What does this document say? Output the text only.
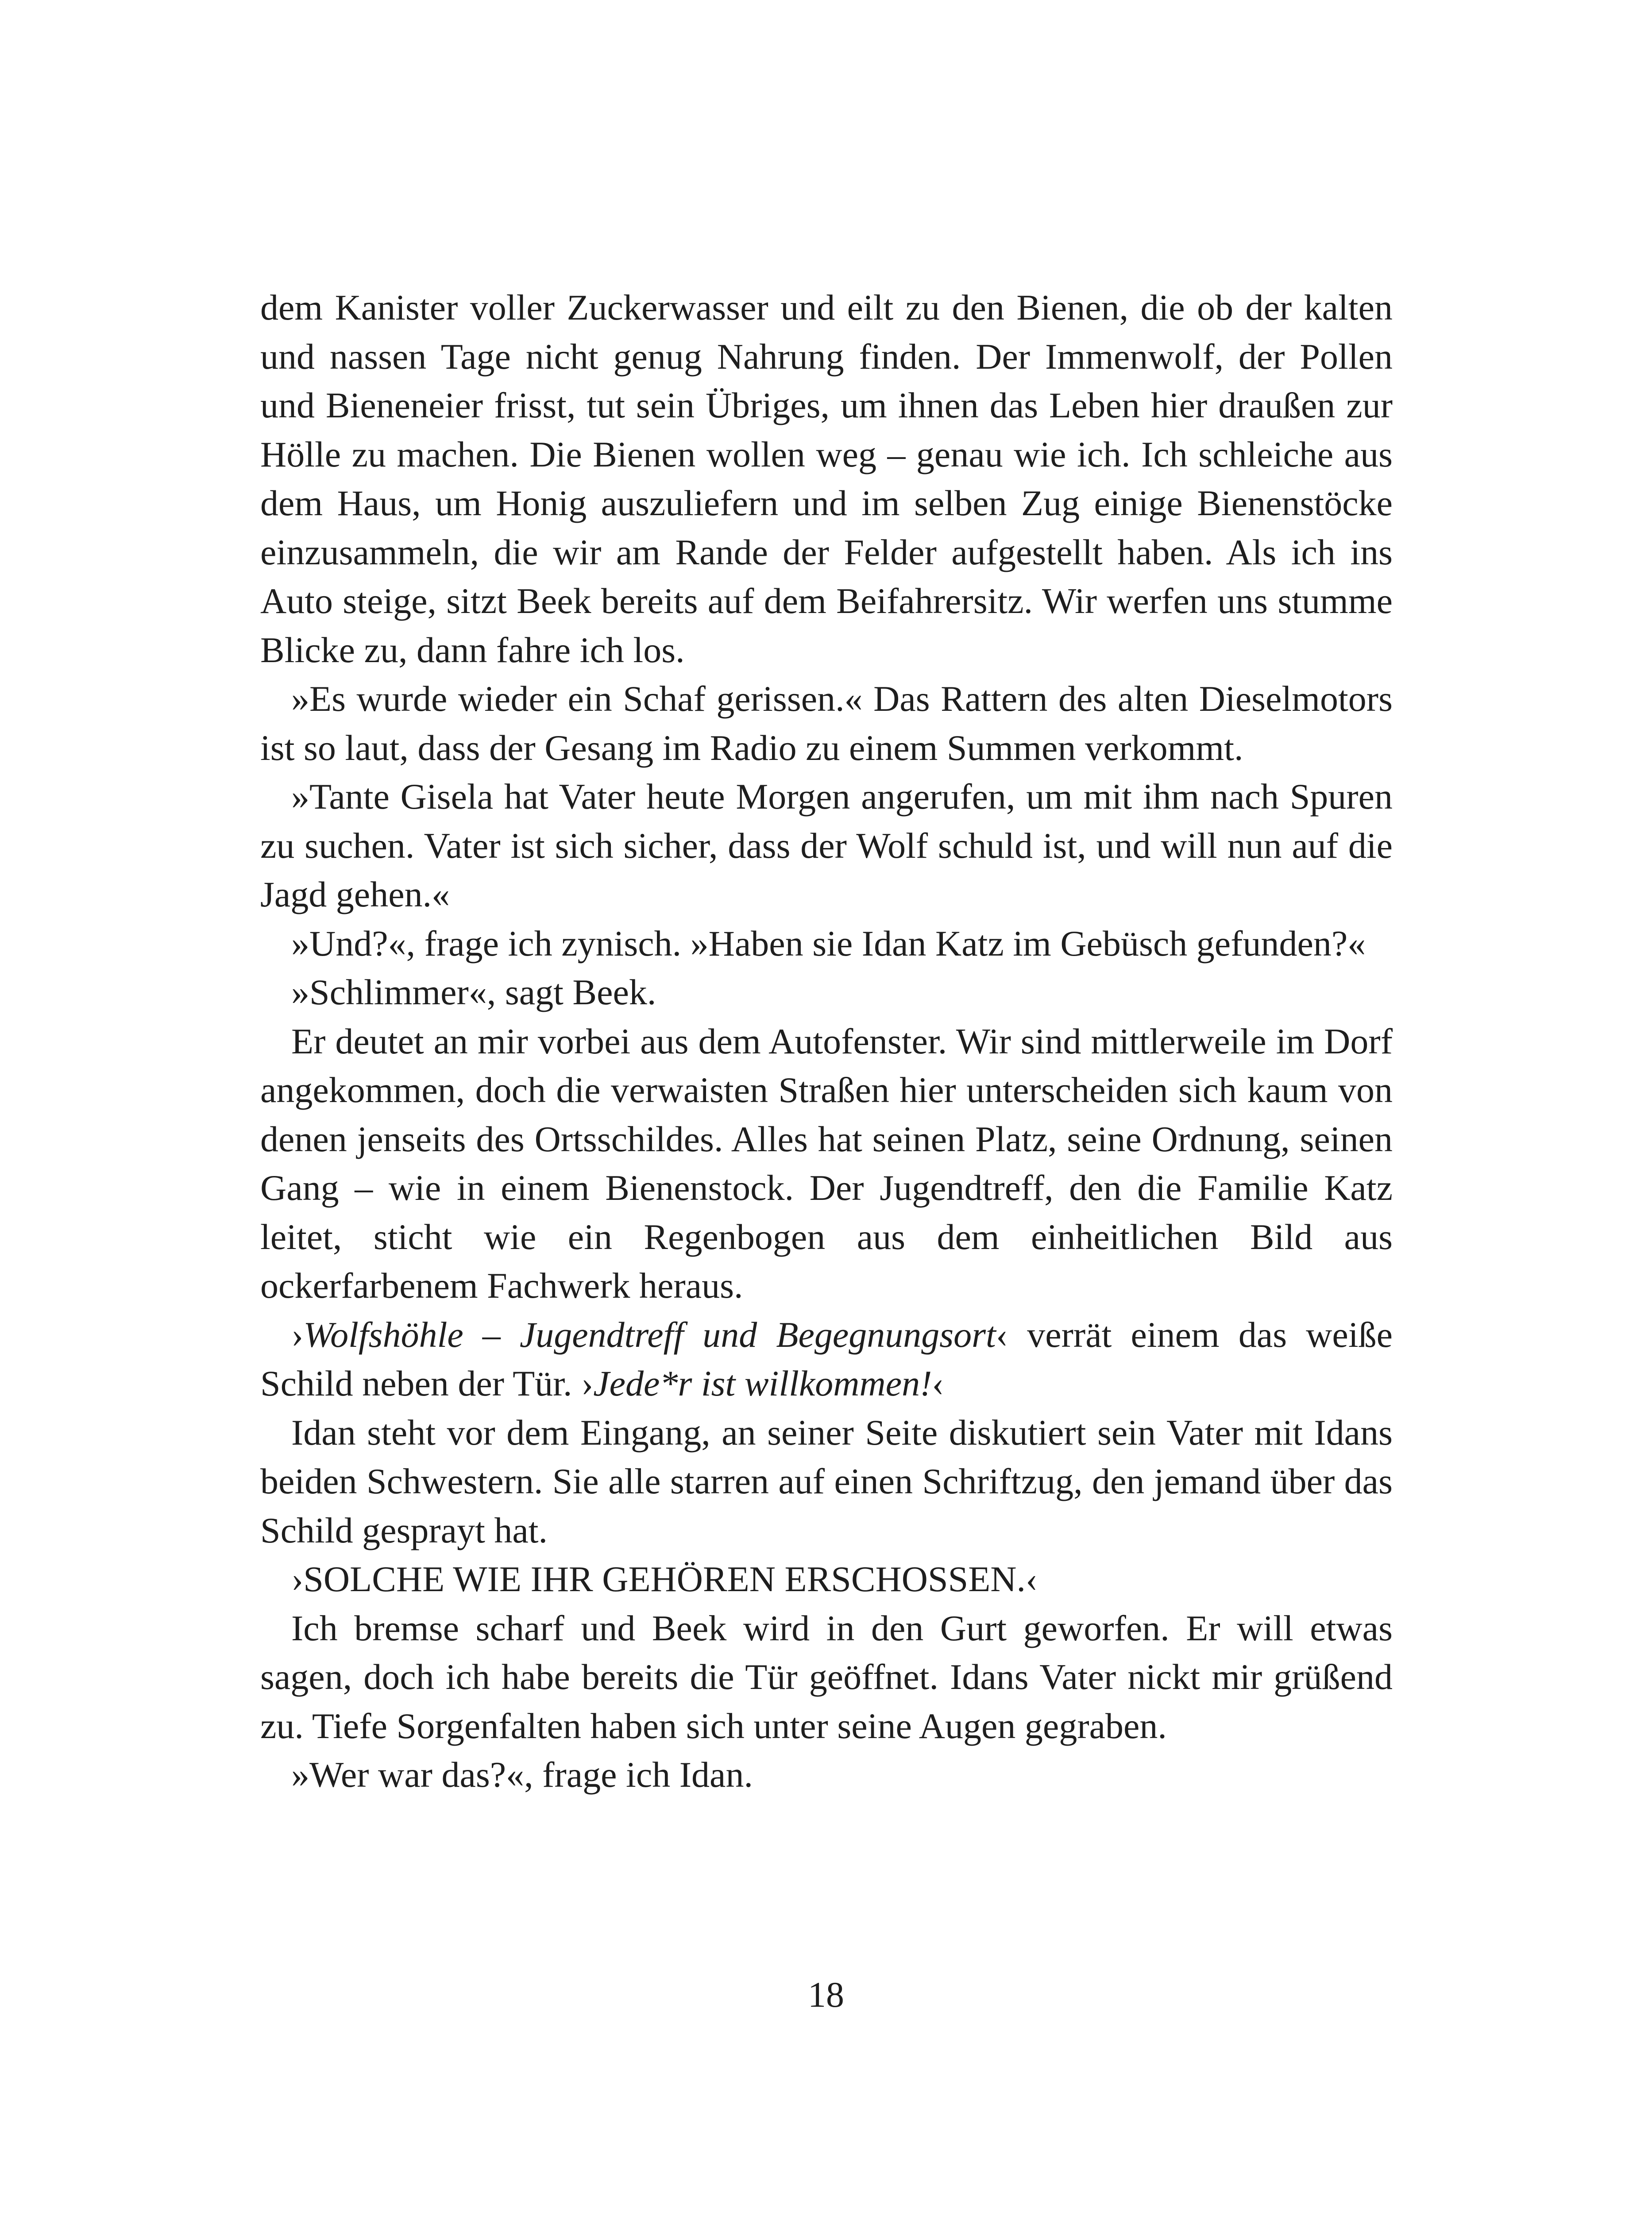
dem Kanister voller Zuckerwasser und eilt zu den Bienen, die ob der kalten und nassen Tage nicht genug Nahrung finden. Der Immenwolf, der Pollen und Bieneneier frisst, tut sein Übriges, um ihnen das Leben hier draußen zur Hölle zu machen. Die Bienen wollen weg – genau wie ich. Ich schleiche aus dem Haus, um Honig auszuliefern und im selben Zug einige Bienenstöcke einzusammeln, die wir am Rande der Felder aufgestellt haben. Als ich ins Auto steige, sitzt Beek bereits auf dem Beifahrersitz. Wir werfen uns stumme Blicke zu, dann fahre ich los.

»Es wurde wieder ein Schaf gerissen.« Das Rattern des alten Dieselmotors ist so laut, dass der Gesang im Radio zu einem Summen verkommt.

»Tante Gisela hat Vater heute Morgen angerufen, um mit ihm nach Spuren zu suchen. Vater ist sich sicher, dass der Wolf schuld ist, und will nun auf die Jagd gehen.«

»Und?«, frage ich zynisch. »Haben sie Idan Katz im Gebüsch gefunden?«

»Schlimmer«, sagt Beek.

Er deutet an mir vorbei aus dem Autofenster. Wir sind mittlerweile im Dorf angekommen, doch die verwaisten Straßen hier unterscheiden sich kaum von denen jenseits des Ortsschildes. Alles hat seinen Platz, seine Ordnung, seinen Gang – wie in einem Bienenstock. Der Jugendtreff, den die Familie Katz leitet, sticht wie ein Regenbogen aus dem einheitlichen Bild aus ockerfarbenem Fachwerk heraus.

›Wolfshöhle – Jugendtreff und Begegnungsort‹ verrät einem das weiße Schild neben der Tür. ›Jede*r ist willkommen!‹

Idan steht vor dem Eingang, an seiner Seite diskutiert sein Vater mit Idans beiden Schwestern. Sie alle starren auf einen Schriftzug, den jemand über das Schild gesprayt hat.

›SOLCHE WIE IHR GEHÖREN ERSCHOSSEN.‹

Ich bremse scharf und Beek wird in den Gurt geworfen. Er will etwas sagen, doch ich habe bereits die Tür geöffnet. Idans Vater nickt mir grüßend zu. Tiefe Sorgenfalten haben sich unter seine Augen gegraben.

»Wer war das?«, frage ich Idan.

18
